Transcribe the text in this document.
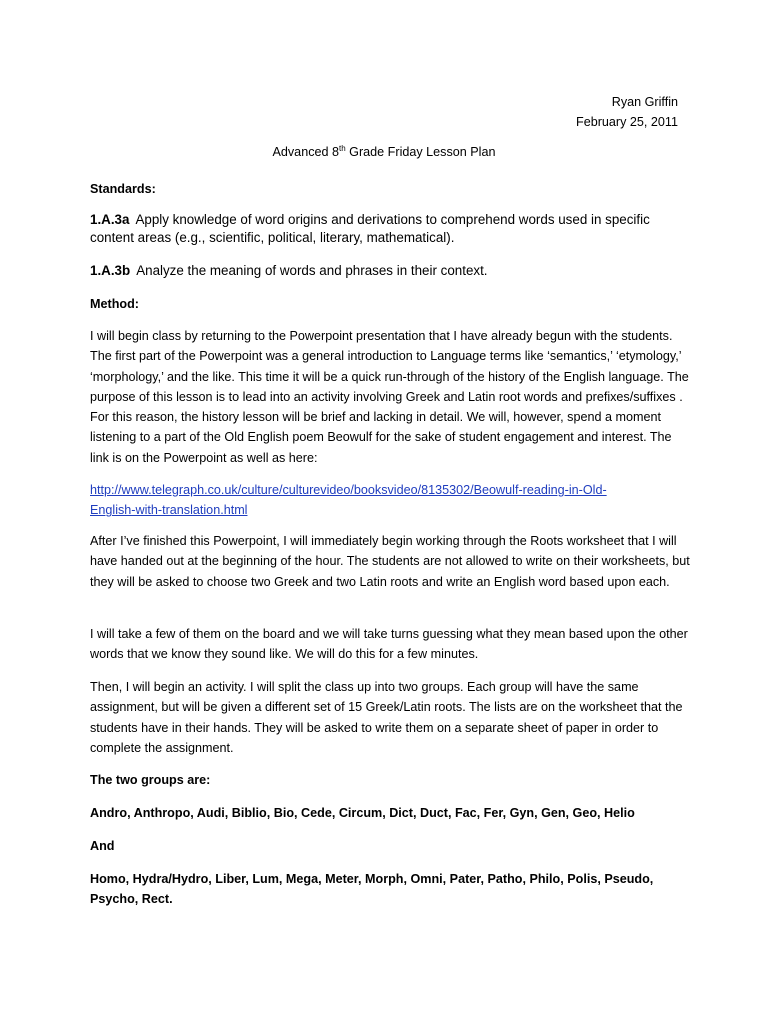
Ryan Griffin
February 25, 2011
Advanced 8th Grade Friday Lesson Plan

Standards:

1.A.3a Apply knowledge of word origins and derivations to comprehend words used in specific content areas (e.g., scientific, political, literary, mathematical).
1.A.3b Analyze the meaning of words and phrases in their context.

Method:

I will begin class by returning to the Powerpoint presentation that I have already begun with the students. The first part of the Powerpoint was a general introduction to Language terms like ‘semantics,’ ‘etymology,’ ‘morphology,’ and the like. This time it will be a quick run-through of the history of the English language. The purpose of this lesson is to lead into an activity involving Greek and Latin root words and prefixes/suffixes . For this reason, the history lesson will be brief and lacking in detail. We will, however, spend a moment listening to a part of the Old English poem Beowulf for the sake of student engagement and interest. The link is on the Powerpoint as well as here:

http://www.telegraph.co.uk/culture/culturevideo/booksvideo/8135302/Beowulf-reading-in-Old-English-with-translation.html

After I’ve finished this Powerpoint, I will immediately begin working through the Roots worksheet that I will have handed out at the beginning of the hour. The students are not allowed to write on their worksheets, but they will be asked to choose two Greek and two Latin roots and write an English word based upon each.

I will take a few of them on the board and we will take turns guessing what they mean based upon the other words that we know they sound like. We will do this for a few minutes.

Then, I will begin an activity. I will split the class up into two groups. Each group will have the same assignment, but will be given a different set of 15 Greek/Latin roots. The lists are on the worksheet that the students have in their hands. They will be asked to write them on a separate sheet of paper in order to complete the assignment.

The two groups are:

Andro, Anthropo, Audi, Biblio, Bio, Cede, Circum, Dict, Duct, Fac, Fer, Gyn, Gen, Geo, Helio

And

Homo, Hydra/Hydro, Liber, Lum, Mega, Meter, Morph, Omni, Pater, Patho, Philo, Polis, Pseudo, Psycho, Rect.
